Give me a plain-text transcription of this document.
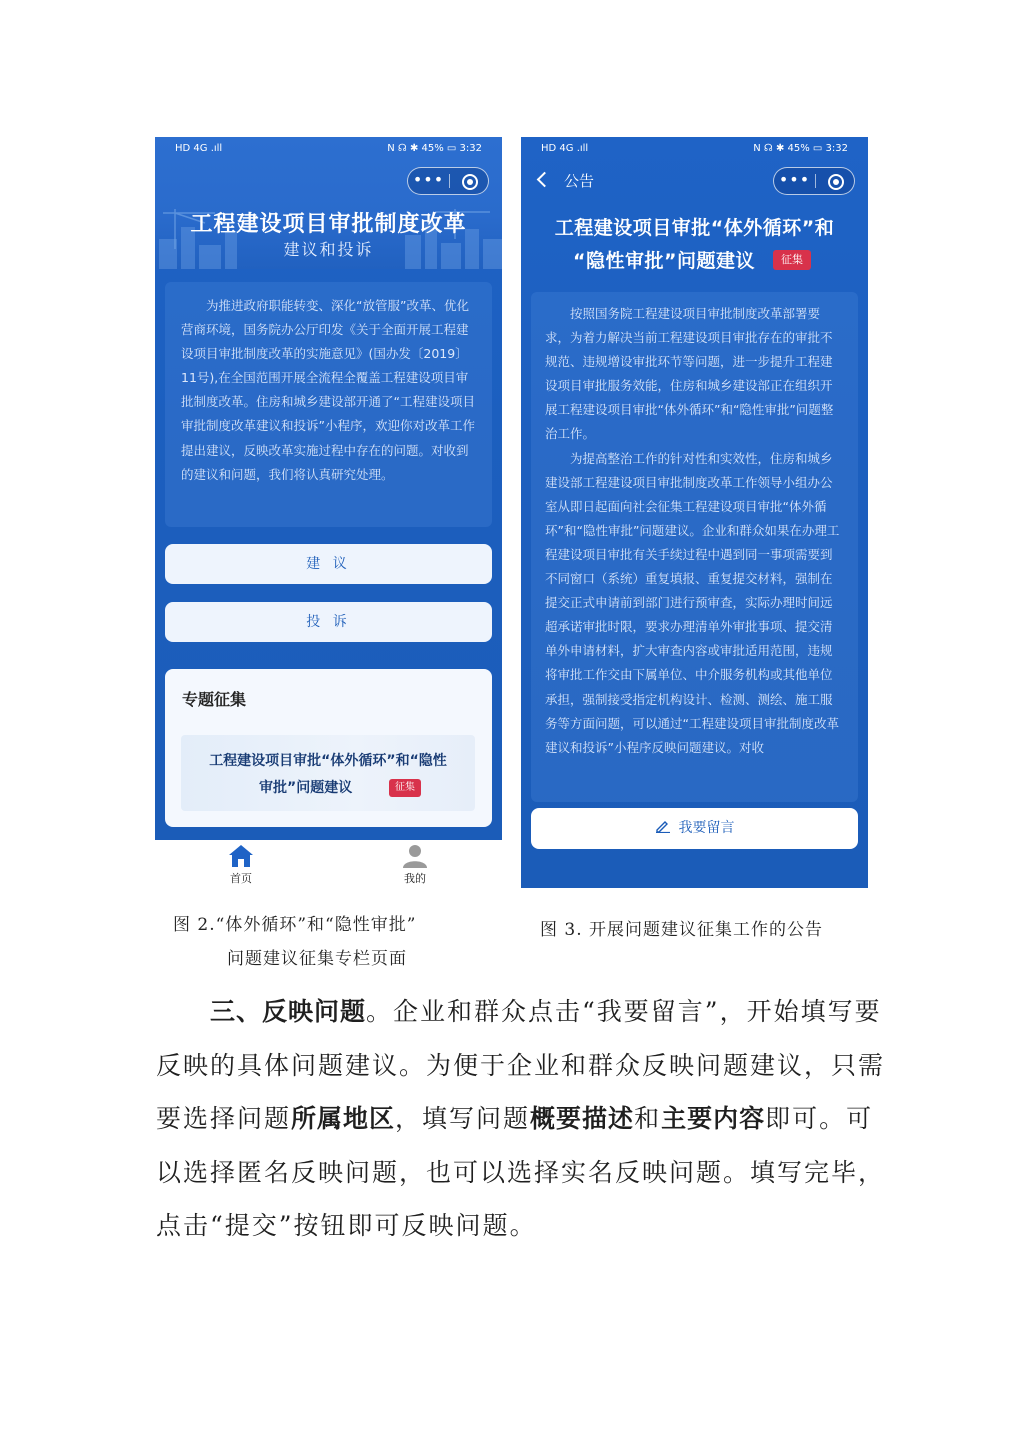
工程建设项目审批制度改革
建议和投诉
HD 4G .ıll	N ☊ ✱ 45% ▭ 3:32
•••

为推进政府职能转变、深化“放管服”改革、优化营商环境，国务院办公厅印发《关于全面开展工程建设项目审批制度改革的实施意见》(国办发〔2019〕11号),在全国范围开展全流程全覆盖工程建设项目审批制度改革。住房和城乡建设部开通了“工程建设项目审批制度改革建议和投诉”小程序，欢迎你对改革工作提出建议，反映改革实施过程中存在的问题。对收到的建议和问题，我们将认真研究处理。

建 议
投 诉
专题征集
工程建设项目审批“体外循环”和“隐性
审批”问题建议	征集
首页	我的
HD 4G .ıll	N ☊ ✱ 45% ▭ 3:32
公告	•••
工程建设项目审批“体外循环”和
“隐性审批”问题建议	征集

按照国务院工程建设项目审批制度改革部署要求，为着力解决当前工程建设项目审批存在的审批不规范、违规增设审批环节等问题，进一步提升工程建设项目审批服务效能，住房和城乡建设部正在组织开展工程建设项目审批“体外循环”和“隐性审批”问题整治工作。

为提高整治工作的针对性和实效性，住房和城乡建设部工程建设项目审批制度改革工作领导小组办公室从即日起面向社会征集工程建设项目审批“体外循环”和“隐性审批”问题建议。企业和群众如果在办理工程建设项目审批有关手续过程中遇到同一事项需要到不同窗口（系统）重复填报、重复提交材料，强制在提交正式申请前到部门进行预审查，实际办理时间远超承诺审批时限，要求办理清单外审批事项、提交清单外申请材料，扩大审查内容或审批适用范围，违规将审批工作交由下属单位、中介服务机构或其他单位承担，强制接受指定机构设计、检测、测绘、施工服务等方面问题，可以通过“工程建设项目审批制度改革建议和投诉”小程序反映问题建议。对收

我要留言
图 2.“体外循环”和“隐性审批”
问题建议征集专栏页面
图 3. 开展问题建议征集工作的公告

三、反映问题。企业和群众点击“我要留言”，开始填写要反映的具体问题建议。为便于企业和群众反映问题建议，只需要选择问题所属地区，填写问题概要描述和主要内容即可。可以选择匿名反映问题，也可以选择实名反映问题。填写完毕，点击“提交”按钮即可反映问题。
